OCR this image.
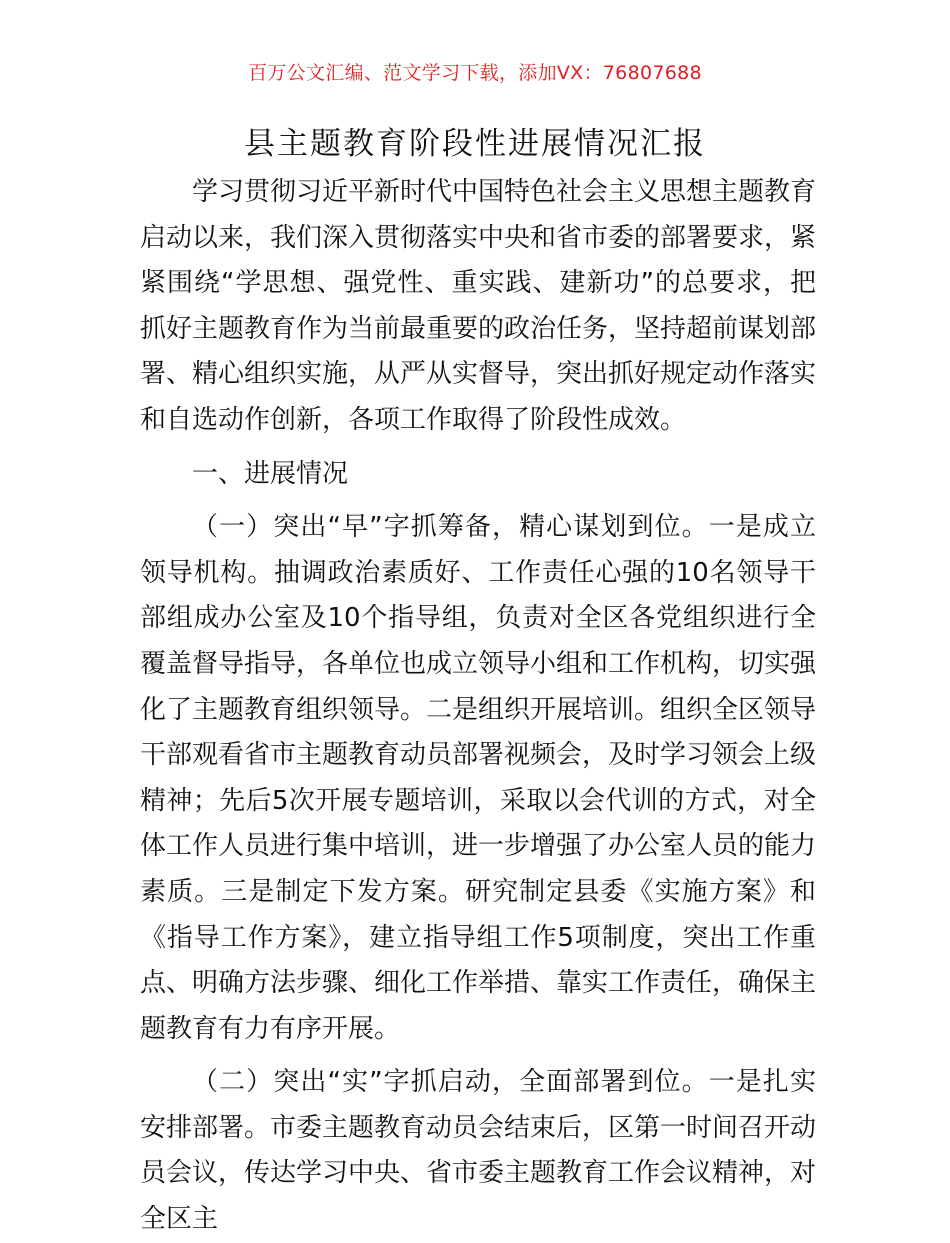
百万公文汇编、范文学习下载，添加VX：76807688
县主题教育阶段性进展情况汇报

学习贯彻习近平新时代中国特色社会主义思想主题教育启动以来，我们深入贯彻落实中央和省市委的部署要求，紧紧围绕“学思想、强党性、重实践、建新功”的总要求，把抓好主题教育作为当前最重要的政治任务，坚持超前谋划部署、精心组织实施，从严从实督导，突出抓好规定动作落实和自选动作创新，各项工作取得了阶段性成效。

一、进展情况

（一）突出“早”字抓筹备，精心谋划到位。一是成立领导机构。抽调政治素质好、工作责任心强的10名领导干部组成办公室及10个指导组，负责对全区各党组织进行全覆盖督导指导，各单位也成立领导小组和工作机构，切实强化了主题教育组织领导。二是组织开展培训。组织全区领导干部观看省市主题教育动员部署视频会，及时学习领会上级精神；先后5次开展专题培训，采取以会代训的方式，对全体工作人员进行集中培训，进一步增强了办公室人员的能力素质。三是制定下发方案。研究制定县委《实施方案》和《指导工作方案》，建立指导组工作5项制度，突出工作重点、明确方法步骤、细化工作举措、靠实工作责任，确保主题教育有力有序开展。

（二）突出“实”字抓启动，全面部署到位。一是扎实安排部署。市委主题教育动员会结束后，区第一时间召开动员会议，传达学习中央、省市委主题教育工作会议精神，对全区主
